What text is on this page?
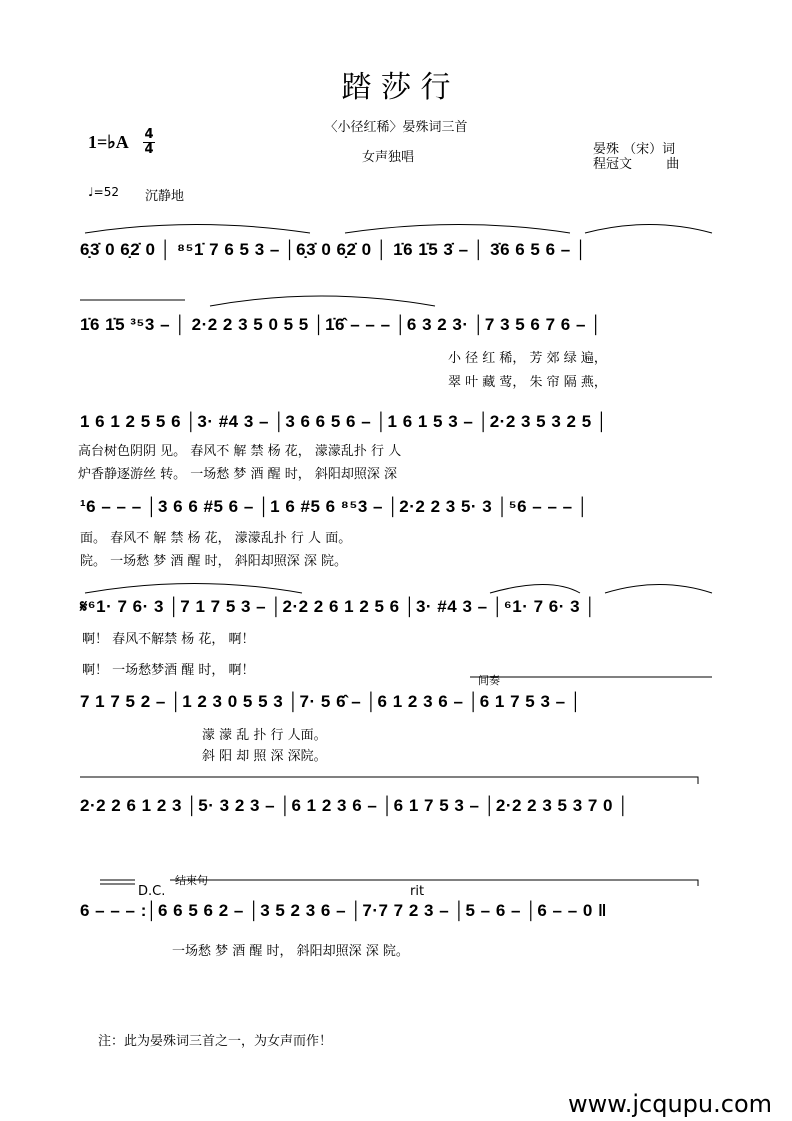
踏 莎 行
〈小径红稀〉晏殊词三首
女声独唱
晏殊 （宋）词
程冠文 　　 曲
1=♭A 4
4
♩=52 沉静地
6̣3̇ 0 6̣2̇ 0 │ ⁸⁵1̇ 7 6 5 3 – │6̣3̇ 0 6̣2̇ 0 │ 1̇6 1̇5 3̇ – │ 3̇6 6 5 6 – │
1̇6 1̇5 ³⁵3 – │ 2·2 2 3 5 0 5 5 │1̇6̂ – – – │6 3 2 3· │7 3 5 6 7 6 – │
小 径 红 稀， 芳 郊 绿 遍，
翠 叶 藏 莺， 朱 帘 隔 燕，
1 6 1 2 5 5 6 │3· #4 3 – │3 6 6 5 6 – │1 6 1 5 3 – │2·2 3 5 3 2 5 │
高台树色阴阴 见。 春风不 解 禁 杨 花， 濛濛乱扑 行 人
炉香静逐游丝 转。 一场愁 梦 酒 醒 时， 斜阳却照深 深
¹6 – – – │3 6 6 #5 6 – │1 6 #5 6 ⁸⁵3 – │2·2 2 3 5· 3 │⁵6 – – – │
面。 春风不 解 禁 杨 花， 濛濛乱扑 行 人 面。
院。 一场愁 梦 酒 醒 时， 斜阳却照深 深 院。
𝄋⁶1· 7 6· 3 │7 1 7 5 3 – │2·2 2 6 1 2 5 6 │3· #4 3 – │⁶1· 7 6· 3 │
啊！ 春风不解禁 杨 花， 啊！
啊！ 一场愁梦酒 醒 时， 啊！
间奏
7 1 7 5 2 – │1 2 3 0 5 5 3 │7· 5 6̂ – │6 1 2 3 6 – │6 1 7 5 3 – │
濛 濛 乱 扑 行 人面。
斜 阳 却 照 深 深院。
2·2 2 6 1 2 3 │5· 3 2 3 – │6 1 2 3 6 – │6 1 7 5 3 – │2·2 2 3 5 3 7 0 │
D.C.
结束句
rit
6 – – – :│6 6 5 6 2 – │3 5 2 3 6 – │7·7 7 2 3 – │5 – 6 – │6 – – 0 ‖
一场愁 梦 酒 醒 时， 斜阳却照深 深 院。
注：此为晏殊词三首之一，为女声而作！
www.jcqupu.com
